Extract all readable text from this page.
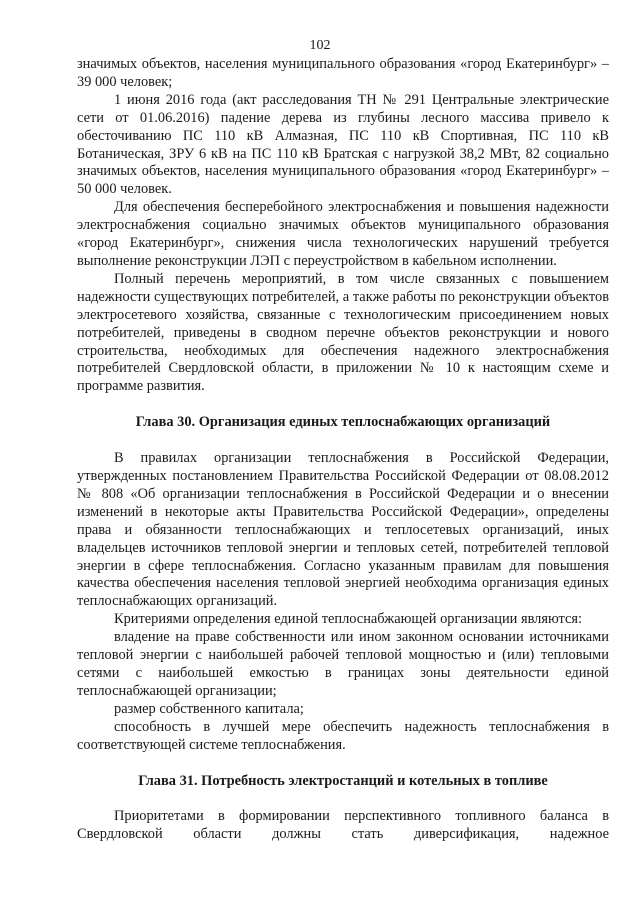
102

значимых объектов, населения муниципального образования «город Екатеринбург» – 39 000 человек;

1 июня 2016 года (акт расследования ТН № 291 Центральные электрические сети от 01.06.2016) падение дерева из глубины лесного массива привело к обесточиванию ПС 110 кВ Алмазная, ПС 110 кВ Спортивная, ПС 110 кВ Ботаническая, ЗРУ 6 кВ на ПС 110 кВ Братская с нагрузкой 38,2 МВт, 82 социально значимых объектов, населения муниципального образования «город Екатеринбург» – 50 000 человек.

Для обеспечения бесперебойного электроснабжения и повышения надежности электроснабжения социально значимых объектов муниципального образования «город Екатеринбург», снижения числа технологических нарушений требуется выполнение реконструкции ЛЭП с переустройством в кабельном исполнении.

Полный перечень мероприятий, в том числе связанных с повышением надежности существующих потребителей, а также работы по реконструкции объектов электросетевого хозяйства, связанные с технологическим присоединением новых потребителей, приведены в сводном перечне объектов реконструкции и нового строительства, необходимых для обеспечения надежного электроснабжения потребителей Свердловской области, в приложении № 10 к настоящим схеме и программе развития.

Глава 30. Организация единых теплоснабжающих организаций

В правилах организации теплоснабжения в Российской Федерации, утвержденных постановлением Правительства Российской Федерации от 08.08.2012 № 808 «Об организации теплоснабжения в Российской Федерации и о внесении изменений в некоторые акты Правительства Российской Федерации», определены права и обязанности теплоснабжающих и теплосетевых организаций, иных владельцев источников тепловой энергии и тепловых сетей, потребителей тепловой энергии в сфере теплоснабжения. Согласно указанным правилам для повышения качества обеспечения населения тепловой энергией необходима организация единых теплоснабжающих организаций.

Критериями определения единой теплоснабжающей организации являются:

владение на праве собственности или ином законном основании источниками тепловой энергии с наибольшей рабочей тепловой мощностью и (или) тепловыми сетями с наибольшей емкостью в границах зоны деятельности единой теплоснабжающей организации;

размер собственного капитала;

способность в лучшей мере обеспечить надежность теплоснабжения в соответствующей системе теплоснабжения.

Глава 31. Потребность электростанций и котельных в топливе

Приоритетами в формировании перспективного топливного баланса в Свердловской области должны стать диверсификация, надежное
